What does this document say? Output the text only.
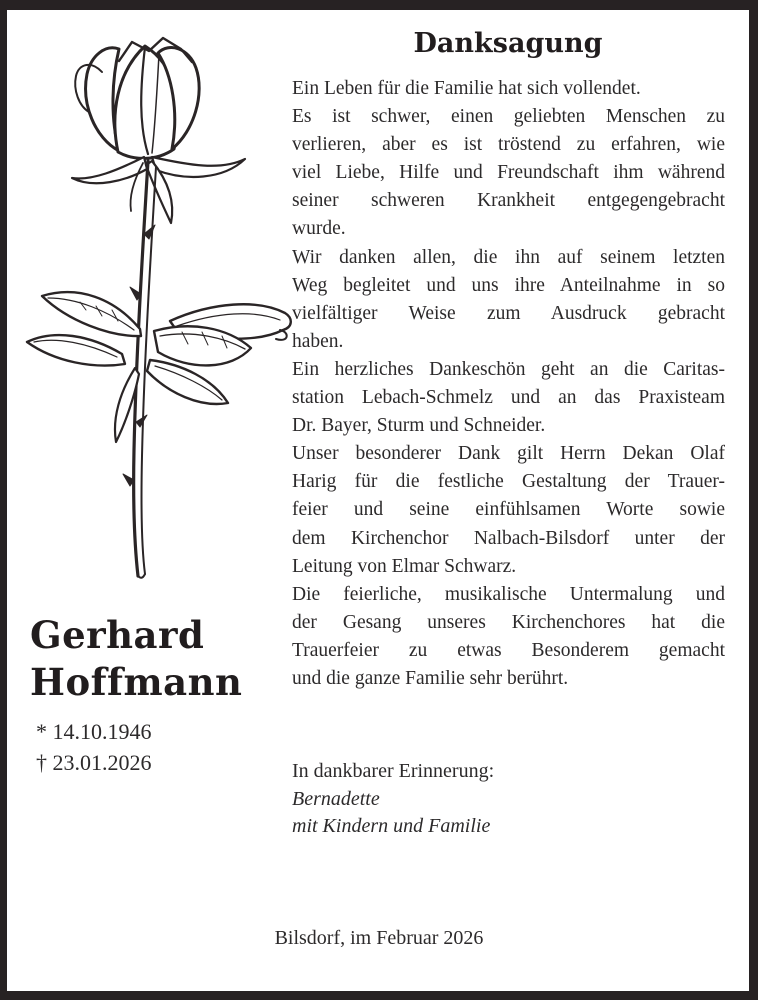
Danksagung
Ein Leben für die Familie hat sich vollendet.
Es ist schwer, einen geliebten Menschen zu
verlieren, aber es ist tröstend zu erfahren, wie
viel Liebe, Hilfe und Freundschaft ihm während
seiner schweren Krankheit entgegengebracht
wurde.
Wir danken allen, die ihn auf seinem letzten
Weg begleitet und uns ihre Anteilnahme in so
vielfältiger Weise zum Ausdruck gebracht
haben.
Ein herzliches Dankeschön geht an die Caritas-
station Lebach-Schmelz und an das Praxisteam
Dr. Bayer, Sturm und Schneider.
Unser besonderer Dank gilt Herrn Dekan Olaf
Harig für die festliche Gestaltung der Trauer-
feier und seine einfühlsamen Worte sowie
dem Kirchenchor Nalbach-Bilsdorf unter der
Leitung von Elmar Schwarz.
Die feierliche, musikalische Untermalung und
der Gesang unseres Kirchenchores hat die
Trauerfeier zu etwas Besonderem gemacht
und die ganze Familie sehr berührt.
Gerhard
Hoffmann
* 14.10.1946
† 23.01.2026	In dankbarer Erinnerung:
Bernadette
mit Kindern und Familie
Bilsdorf, im Februar 2026
